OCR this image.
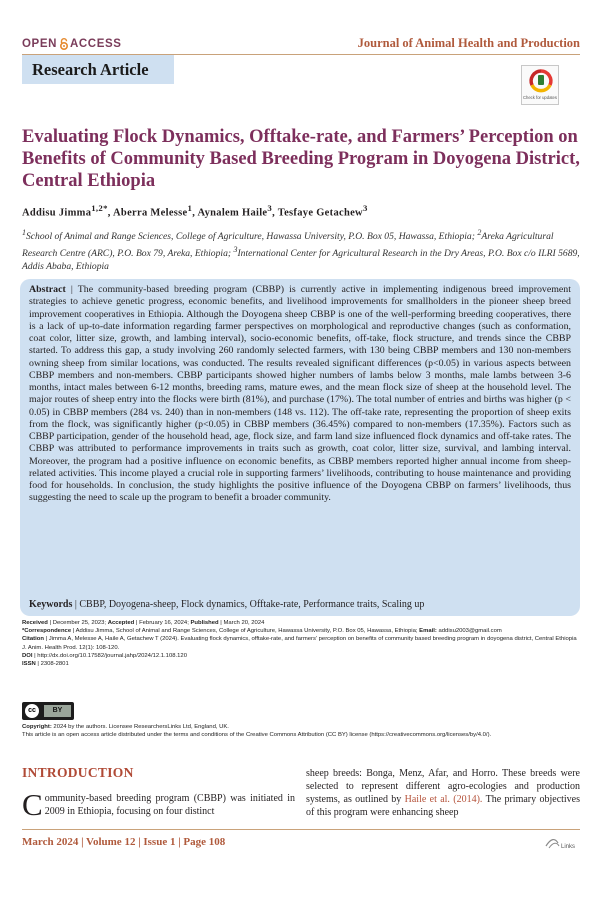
OPEN ACCESS	Journal of Animal Health and Production
Research Article
Check for updates
Evaluating Flock Dynamics, Offtake-rate, and Farmers’ Perception on Benefits of Community Based Breeding Program in Doyogena District, Central Ethiopia
Addisu Jimma$^{1,2*}$, Aberra Melesse$^1$, Aynalem Haile$^3$, Tesfaye Getachew$^3$
$^1$School of Animal and Range Sciences, College of Agriculture, Hawassa University, P.O. Box 05, Hawassa, Ethiopia; $^2$Areka Agricultural Research Centre (ARC), P.O. Box 79, Areka, Ethiopia; $^3$International Center for Agricultural Research in the Dry Areas, P.O. Box c/o ILRI 5689, Addis Ababa, Ethiopia

Abstract | The community-based breeding program (CBBP) is currently active in implementing indigenous breed improvement strategies to achieve genetic progress, economic benefits, and livelihood improvements for smallholders in the pioneer sheep breed improvement cooperatives in Ethiopia. Although the Doyogena sheep CBBP is one of the well-performing breeding cooperatives, there is a lack of up-to-date information regarding farmer perspectives on morphological and reproductive changes (such as conformation, coat color, litter size, growth, and lambing interval), socio-economic benefits, off-take, flock structure, and trends since the CBBP started. To address this gap, a study involving 260 randomly selected farmers, with 130 being CBBP members and 130 non-members owning sheep from similar locations, was conducted. The results revealed significant differences (p<0.05) in various aspects between CBBP members and non-members. CBBP participants showed higher numbers of lambs below 3 months, male lambs between 3-6 months, intact males between 6-12 months, breeding rams, mature ewes, and the mean flock size of sheep at the household level. The major routes of sheep entry into the flocks were birth (81%), and purchase (17%). The total number of entries and births was higher (p < 0.05) in CBBP members (284 vs. 240) than in non-members (148 vs. 112). The off-take rate, representing the proportion of sheep exits from the flock, was significantly higher (p<0.05) in CBBP members (36.45%) compared to non-members (17.35%). Factors such as CBBP participation, gender of the household head, age, flock size, and farm land size influenced flock dynamics and off-take rates. The CBBP was attributed to performance improvements in traits such as growth, coat color, litter size, survival, and lambing interval. Moreover, the program had a positive influence on economic benefits, as CBBP members reported higher annual income from sheep-related activities. This income played a crucial role in supporting farmers’ livelihoods, contributing to house maintenance and providing food for households. In conclusion, the study highlights the positive influence of the Doyogena CBBP on farmers’ livelihoods, thus suggesting the need to scale up the program to benefit a broader community.

Keywords | CBBP, Doyogena-sheep, Flock dynamics, Offtake-rate, Performance traits, Scaling up
Received | December 25, 2023; Accepted | February 16, 2024; Published | March 20, 2024
*Correspondence | Addisu Jimma, School of Animal and Range Sciences, College of Agriculture, Hawassa University, P.O. Box 05, Hawassa, Ethiopia; Email: addisu2003@gmail.com
Citation | Jimma A, Melesse A, Haile A, Getachew T (2024). Evaluating flock dynamics, offtake-rate, and farmers’ perception on benefits of community based breeding program in doyogena district, Central Ethiopia J. Anim. Health Prod. 12(1): 108-120.
DOI | http://dx.doi.org/10.17582/journal.jahp/2024/12.1.108.120
ISSN | 2308-2801
cc	BY
Copyright: 2024 by the authors. Licensee ResearchersLinks Ltd, England, UK.
This article is an open access article distributed under the terms and conditions of the Creative Commons Attribution (CC BY) license (https://creativecommons.org/licenses/by/4.0/).
INTRODUCTION
Community-based breeding program (CBBP) was initiated in 2009 in Ethiopia, focusing on four distinct
sheep breeds: Bonga, Menz, Afar, and Horro. These breeds were selected to represent different agro-ecologies and production systems, as outlined by Haile et al. (2014). The primary objectives of this program were enhancing sheep
March 2024 | Volume 12 | Issue 1 | Page 108	Links
